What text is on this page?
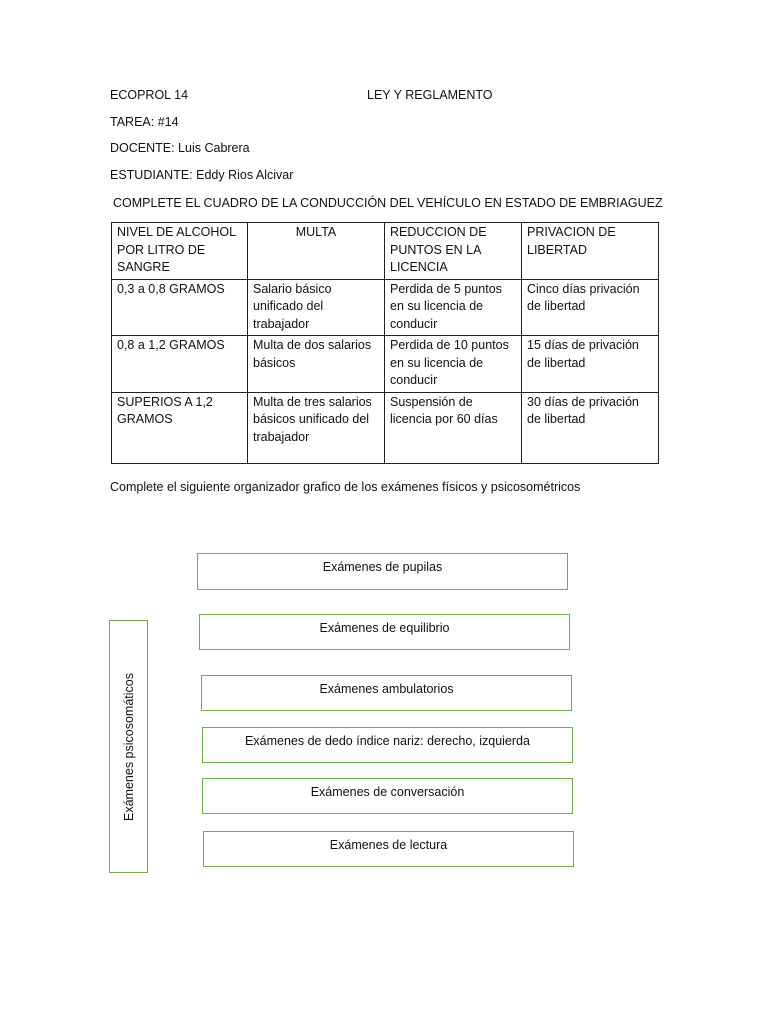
ECOPROL 14	LEY Y REGLAMENTO
TAREA: #14
DOCENTE: Luis Cabrera
ESTUDIANTE: Eddy Rios Alcivar
COMPLETE EL CUADRO DE LA CONDUCCIÓN DEL VEHÍCULO EN ESTADO DE EMBRIAGUEZ
NIVEL DE ALCOHOL POR LITRO DE SANGRE	MULTA	REDUCCION DE PUNTOS EN LA LICENCIA	PRIVACION DE LIBERTAD
0,3 a 0,8 GRAMOS	Salario básico unificado del trabajador	Perdida de 5 puntos en su licencia de conducir	Cinco días privación de libertad
0,8 a 1,2 GRAMOS	Multa de dos salarios básicos	Perdida de 10 puntos en su licencia de conducir	15 días de privación de libertad
SUPERIOS A 1,2 GRAMOS	Multa de tres salarios básicos unificado del trabajador	Suspensión de licencia por 60 días	30 días de privación de libertad
Complete el siguiente organizador grafico de los exámenes físicos y psicosométricos
Exámenes psicosomáticos
Exámenes de pupilas
Exámenes de equilibrio
Exámenes ambulatorios
Exámenes de dedo índice nariz: derecho, izquierda
Exámenes de conversación
Exámenes de lectura
